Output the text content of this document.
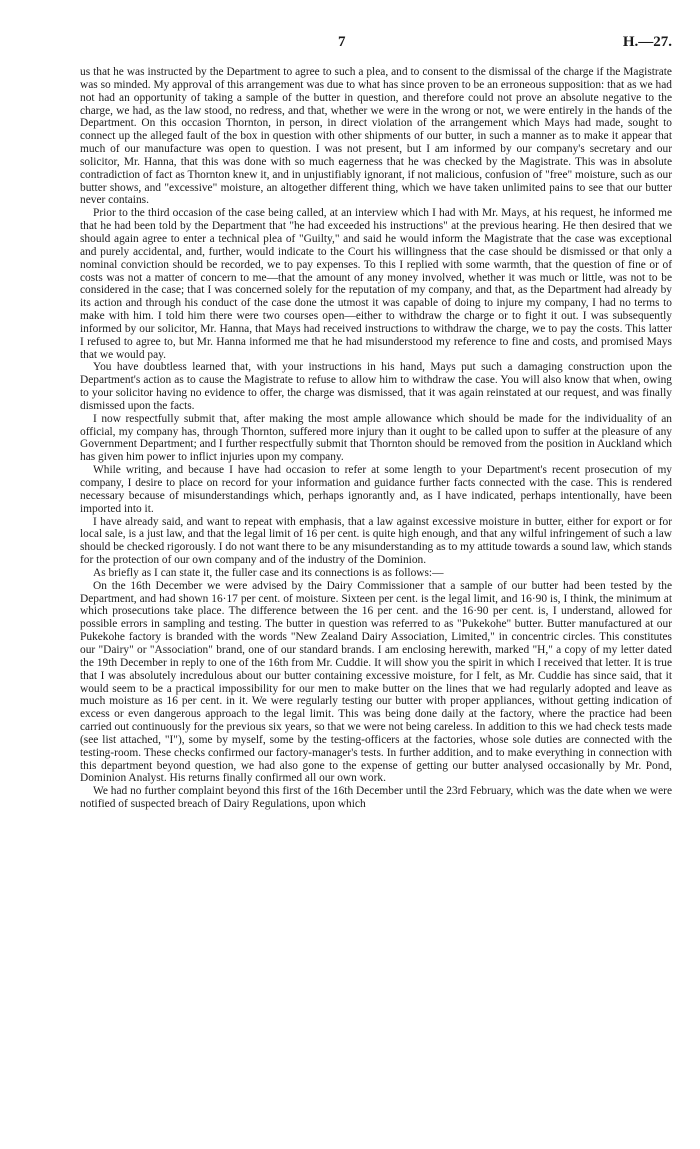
7	H.—27.

us that he was instructed by the Department to agree to such a plea, and to consent to the dismissal of the charge if the Magistrate was so minded. My approval of this arrangement was due to what has since proven to be an erroneous supposition: that as we had not had an opportunity of taking a sample of the butter in question, and therefore could not prove an absolute negative to the charge, we had, as the law stood, no redress, and that, whether we were in the wrong or not, we were entirely in the hands of the Department. On this occasion Thornton, in person, in direct violation of the arrangement which Mays had made, sought to connect up the alleged fault of the box in question with other shipments of our butter, in such a manner as to make it appear that much of our manufacture was open to question. I was not present, but I am informed by our company's secretary and our solicitor, Mr. Hanna, that this was done with so much eagerness that he was checked by the Magistrate. This was in absolute contradiction of fact as Thornton knew it, and in unjustifiably ignorant, if not malicious, confusion of "free" moisture, such as our butter shows, and "excessive" moisture, an altogether different thing, which we have taken unlimited pains to see that our butter never contains.

Prior to the third occasion of the case being called, at an interview which I had with Mr. Mays, at his request, he informed me that he had been told by the Department that "he had exceeded his instructions" at the previous hearing. He then desired that we should again agree to enter a technical plea of "Guilty," and said he would inform the Magistrate that the case was exceptional and purely accidental, and, further, would indicate to the Court his willingness that the case should be dismissed or that only a nominal conviction should be recorded, we to pay expenses. To this I replied with some warmth, that the question of fine or of costs was not a matter of concern to me—that the amount of any money involved, whether it was much or little, was not to be considered in the case; that I was concerned solely for the reputation of my company, and that, as the Department had already by its action and through his conduct of the case done the utmost it was capable of doing to injure my company, I had no terms to make with him. I told him there were two courses open—either to withdraw the charge or to fight it out. I was subsequently informed by our solicitor, Mr. Hanna, that Mays had received instructions to withdraw the charge, we to pay the costs. This latter I refused to agree to, but Mr. Hanna informed me that he had misunderstood my reference to fine and costs, and promised Mays that we would pay.

You have doubtless learned that, with your instructions in his hand, Mays put such a damaging construction upon the Department's action as to cause the Magistrate to refuse to allow him to withdraw the case. You will also know that when, owing to your solicitor having no evidence to offer, the charge was dismissed, that it was again reinstated at our request, and was finally dismissed upon the facts.

I now respectfully submit that, after making the most ample allowance which should be made for the individuality of an official, my company has, through Thornton, suffered more injury than it ought to be called upon to suffer at the pleasure of any Government Department; and I further respectfully submit that Thornton should be removed from the position in Auckland which has given him power to inflict injuries upon my company.

While writing, and because I have had occasion to refer at some length to your Department's recent prosecution of my company, I desire to place on record for your information and guidance further facts connected with the case. This is rendered necessary because of misunderstandings which, perhaps ignorantly and, as I have indicated, perhaps intentionally, have been imported into it.

I have already said, and want to repeat with emphasis, that a law against excessive moisture in butter, either for export or for local sale, is a just law, and that the legal limit of 16 per cent. is quite high enough, and that any wilful infringement of such a law should be checked rigorously. I do not want there to be any misunderstanding as to my attitude towards a sound law, which stands for the protection of our own company and of the industry of the Dominion.

As briefly as I can state it, the fuller case and its connections is as follows:—

On the 16th December we were advised by the Dairy Commissioner that a sample of our butter had been tested by the Department, and had shown 16·17 per cent. of moisture. Sixteen per cent. is the legal limit, and 16·90 is, I think, the minimum at which prosecutions take place. The difference between the 16 per cent. and the 16·90 per cent. is, I understand, allowed for possible errors in sampling and testing. The butter in question was referred to as "Pukekohe" butter. Butter manufactured at our Pukekohe factory is branded with the words "New Zealand Dairy Association, Limited," in concentric circles. This constitutes our "Dairy" or "Association" brand, one of our standard brands. I am enclosing herewith, marked "H," a copy of my letter dated the 19th December in reply to one of the 16th from Mr. Cuddie. It will show you the spirit in which I received that letter. It is true that I was absolutely incredulous about our butter containing excessive moisture, for I felt, as Mr. Cuddie has since said, that it would seem to be a practical impossibility for our men to make butter on the lines that we had regularly adopted and leave as much moisture as 16 per cent. in it. We were regularly testing our butter with proper appliances, without getting indication of excess or even dangerous approach to the legal limit. This was being done daily at the factory, where the practice had been carried out continuously for the previous six years, so that we were not being careless. In addition to this we had check tests made (see list attached, "I"), some by myself, some by the testing-officers at the factories, whose sole duties are connected with the testing-room. These checks confirmed our factory-manager's tests. In further addition, and to make everything in connection with this department beyond question, we had also gone to the expense of getting our butter analysed occasionally by Mr. Pond, Dominion Analyst. His returns finally confirmed all our own work.

We had no further complaint beyond this first of the 16th December until the 23rd February, which was the date when we were notified of suspected breach of Dairy Regulations, upon which
